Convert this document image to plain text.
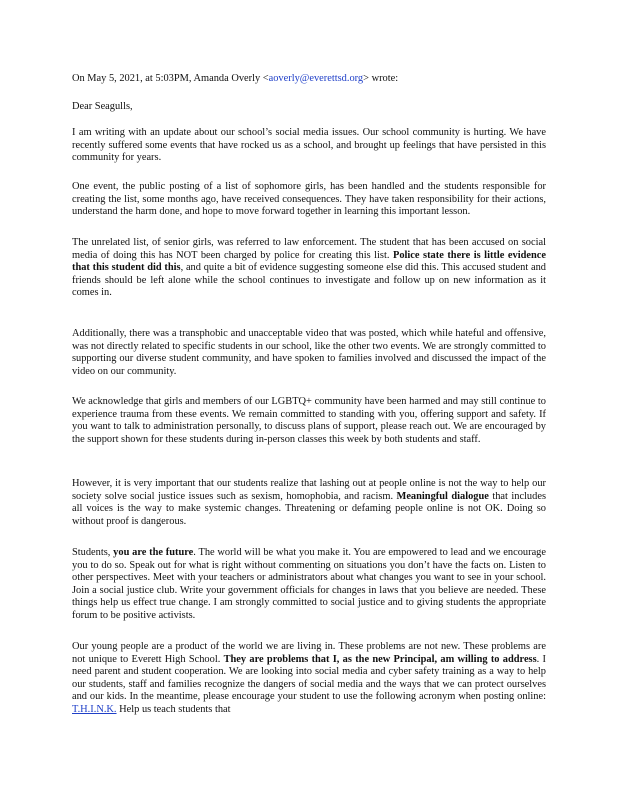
On May 5, 2021, at 5:03PM, Amanda Overly <aoverly@everettsd.org> wrote:
Dear Seagulls,
I am writing with an update about our school’s social media issues. Our school community is hurting. We have recently suffered some events that have rocked us as a school, and brought up feelings that have persisted in this community for years.
One event, the public posting of a list of sophomore girls, has been handled and the students responsible for creating the list, some months ago, have received consequences. They have taken responsibility for their actions, understand the harm done, and hope to move forward together in learning this important lesson.
The unrelated list, of senior girls, was referred to law enforcement. The student that has been accused on social media of doing this has NOT been charged by police for creating this list. Police state there is little evidence that this student did this, and quite a bit of evidence suggesting someone else did this. This accused student and friends should be left alone while the school continues to investigate and follow up on new information as it comes in.
Additionally, there was a transphobic and unacceptable video that was posted, which while hateful and offensive, was not directly related to specific students in our school, like the other two events. We are strongly committed to supporting our diverse student community, and have spoken to families involved and discussed the impact of the video on our community.
We acknowledge that girls and members of our LGBTQ+ community have been harmed and may still continue to experience trauma from these events. We remain committed to standing with you, offering support and safety. If you want to talk to administration personally, to discuss plans of support, please reach out. We are encouraged by the support shown for these students during in-person classes this week by both students and staff.
However, it is very important that our students realize that lashing out at people online is not the way to help our society solve social justice issues such as sexism, homophobia, and racism. Meaningful dialogue that includes all voices is the way to make systemic changes. Threatening or defaming people online is not OK. Doing so without proof is dangerous.
Students, you are the future. The world will be what you make it. You are empowered to lead and we encourage you to do so. Speak out for what is right without commenting on situations you don’t have the facts on. Listen to other perspectives. Meet with your teachers or administrators about what changes you want to see in your school. Join a social justice club. Write your government officials for changes in laws that you believe are needed. These things help us effect true change. I am strongly committed to social justice and to giving students the appropriate forum to be positive activists.
Our young people are a product of the world we are living in. These problems are not new. These problems are not unique to Everett High School. They are problems that I, as the new Principal, am willing to address. I need parent and student cooperation. We are looking into social media and cyber safety training as a way to help our students, staff and families recognize the dangers of social media and the ways that we can protect ourselves and our kids. In the meantime, please encourage your student to use the following acronym when posting online: T.H.I.N.K. Help us teach students that
